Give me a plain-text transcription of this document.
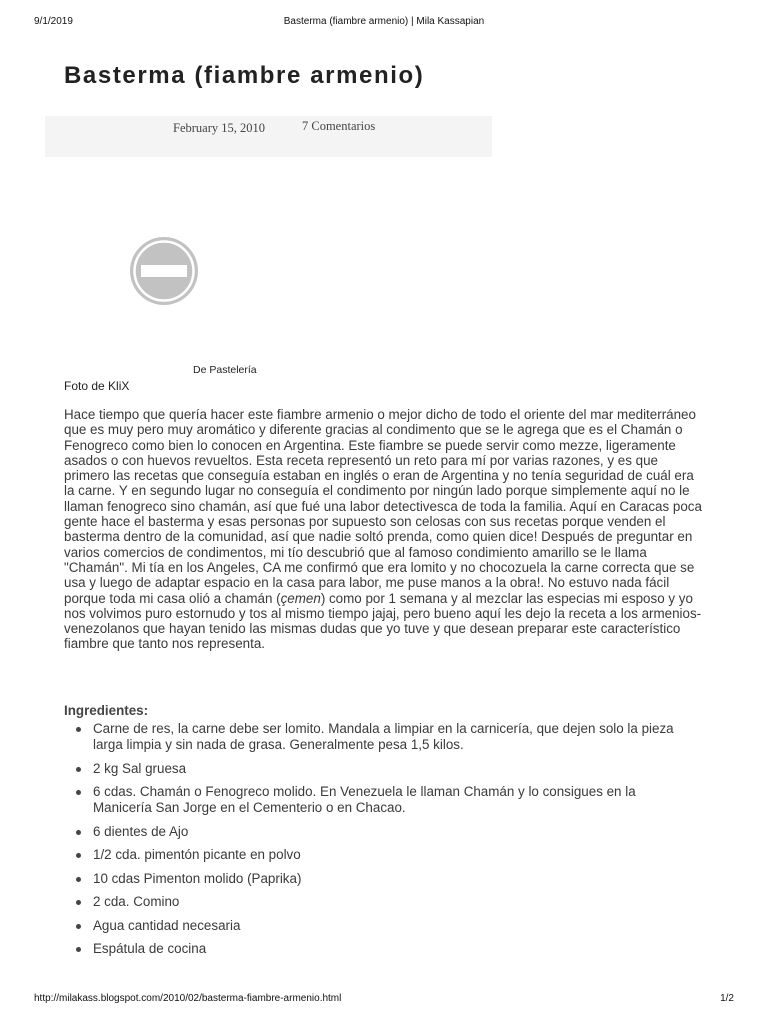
9/1/2019	Basterma (fiambre armenio) | Mila Kassapian
Basterma (fiambre armenio)
February 15, 2010	7 Comentarios
De Pastelería
Foto de KliX

Hace tiempo que quería hacer este fiambre armenio o mejor dicho de todo el oriente del mar mediterráneo que es muy pero muy aromático y diferente gracias al condimento que se le agrega que es el Chamán o Fenogreco como bien lo conocen en Argentina. Este fiambre se puede servir como mezze, ligeramente asados o con huevos revueltos. Esta receta representó un reto para mí por varias razones, y es que primero las recetas que conseguía estaban en inglés o eran de Argentina y no tenía seguridad de cuál era la carne. Y en segundo lugar no conseguía el condimento por ningún lado porque simplemente aquí no le llaman fenogreco sino chamán, así que fué una labor detectivesca de toda la familia. Aquí en Caracas poca gente hace el basterma y esas personas por supuesto son celosas con sus recetas porque venden el basterma dentro de la comunidad, así que nadie soltó prenda, como quien dice! Después de preguntar en varios comercios de condimentos, mi tío descubrió que al famoso condimiento amarillo se le llama "Chamán". Mi tía en los Angeles, CA me confirmó que era lomito y no chocozuela la carne correcta que se usa y luego de adaptar espacio en la casa para labor, me puse manos a la obra!. No estuvo nada fácil porque toda mi casa olió a chamán (çemen) como por 1 semana y al mezclar las especias mi esposo y yo nos volvimos puro estornudo y tos al mismo tiempo jajaj, pero bueno aquí les dejo la receta a los armenios-venezolanos que hayan tenido las mismas dudas que yo tuve y que desean preparar este característico fiambre que tanto nos representa.

Ingredientes:
Carne de res, la carne debe ser lomito. Mandala a limpiar en la carnicería, que dejen solo la pieza larga limpia y sin nada de grasa. Generalmente pesa 1,5 kilos.
2 kg Sal gruesa
6 cdas. Chamán o Fenogreco molido. En Venezuela le llaman Chamán y lo consigues en la Manicería San Jorge en el Cementerio o en Chacao.
6 dientes de Ajo
1/2 cda. pimentón picante en polvo
10 cdas Pimenton molido (Paprika)
2 cda. Comino
Agua cantidad necesaria
Espátula de cocina
http://milakass.blogspot.com/2010/02/basterma-fiambre-armenio.html	1/2
